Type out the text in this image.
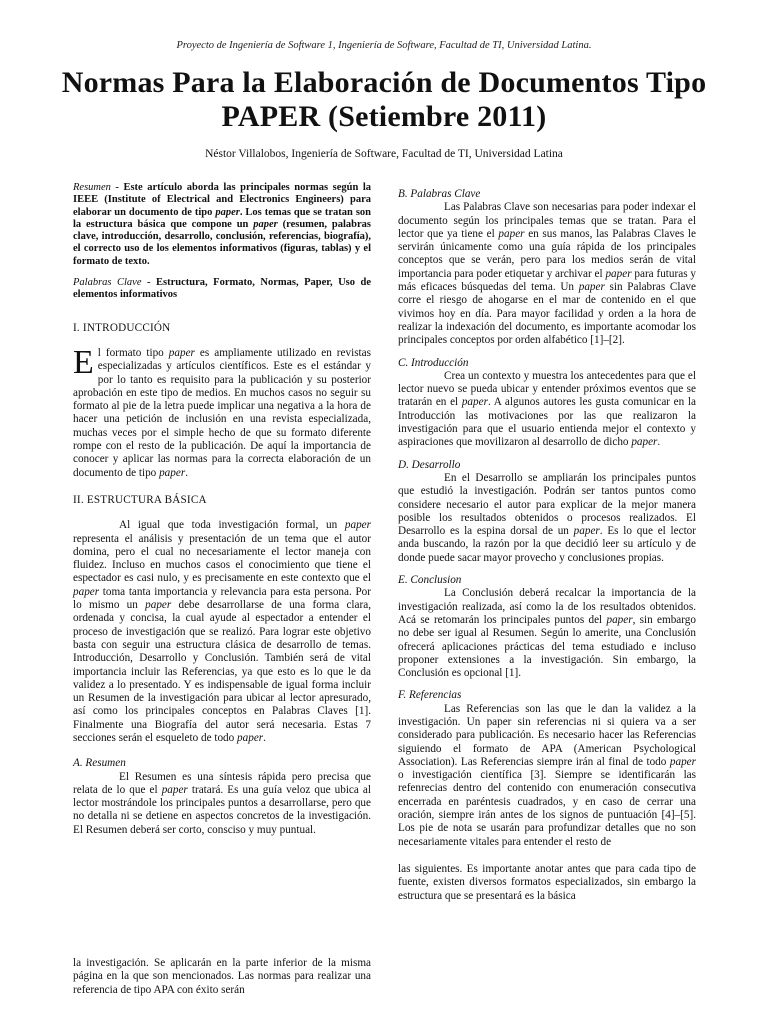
Proyecto de Ingeniería de Software 1, Ingeniería de Software, Facultad de TI, Universidad Latina.
Normas Para la Elaboración de Documentos Tipo PAPER (Setiembre 2011)
Néstor Villalobos, Ingeniería de Software, Facultad de TI, Universidad Latina

Resumen - Este artículo aborda las principales normas según la IEEE (Institute of Electrical and Electronics Engineers) para elaborar un documento de tipo paper. Los temas que se tratan son la estructura básica que compone un paper (resumen, palabras clave, introducción, desarrollo, conclusión, referencias, biografía), el correcto uso de los elementos informativos (figuras, tablas) y el formato de texto.

Palabras Clave - Estructura, Formato, Normas, Paper, Uso de elementos informativos

I. INTRODUCCIÓN

El formato tipo paper es ampliamente utilizado en revistas especializadas y artículos científicos. Este es el estándar y por lo tanto es requisito para la publicación y su posterior aprobación en este tipo de medios. En muchos casos no seguir su formato al pie de la letra puede implicar una negativa a la hora de hacer una petición de inclusión en una revista especializada, muchas veces por el simple hecho de que su formato diferente rompe con el resto de la publicación. De aquí la importancia de conocer y aplicar las normas para la correcta elaboración de un documento de tipo paper.

II. ESTRUCTURA BÁSICA

Al igual que toda investigación formal, un paper representa el análisis y presentación de un tema que el autor domina, pero el cual no necesariamente el lector maneja con fluidez. Incluso en muchos casos el conocimiento que tiene el espectador es casi nulo, y es precisamente en este contexto que el paper toma tanta importancia y relevancia para esta persona. Por lo mismo un paper debe desarrollarse de una forma clara, ordenada y concisa, la cual ayude al espectador a entender el proceso de investigación que se realizó. Para lograr este objetivo basta con seguir una estructura clásica de desarrollo de temas. Introducción, Desarrollo y Conclusión. También será de vital importancia incluir las Referencias, ya que esto es lo que le da validez a lo presentado. Y es indispensable de igual forma incluir un Resumen de la investigación para ubicar al lector apresurado, así como los principales conceptos en Palabras Claves [1]. Finalmente una Biografía del autor será necesaria. Estas 7 secciones serán el esqueleto de todo paper.

A. Resumen

El Resumen es una síntesis rápida pero precisa que relata de lo que el paper tratará. Es una guía veloz que ubica al lector mostrándole los principales puntos a desarrollarse, pero que no detalla ni se detiene en aspectos concretos de la investigación. El Resumen deberá ser corto, consciso y muy puntual.

la investigación. Se aplicarán en la parte inferior de la misma página en la que son mencionados. Las normas para realizar una referencia de tipo APA con éxito serán

B. Palabras Clave

Las Palabras Clave son necesarias para poder indexar el documento según los principales temas que se tratan. Para el lector que ya tiene el paper en sus manos, las Palabras Claves le servirán únicamente como una guía rápida de los principales conceptos que se verán, pero para los medios serán de vital importancia para poder etiquetar y archivar el paper para futuras y más eficaces búsquedas del tema. Un paper sin Palabras Clave corre el riesgo de ahogarse en el mar de contenido en el que vivimos hoy en día. Para mayor facilidad y orden a la hora de realizar la indexación del documento, es importante acomodar los principales conceptos por orden alfabético [1]–[2].

C. Introducción

Crea un contexto y muestra los antecedentes para que el lector nuevo se pueda ubicar y entender próximos eventos que se tratarán en el paper. A algunos autores les gusta comunicar en la Introducción las motivaciones por las que realizaron la investigación para que el usuario entienda mejor el contexto y aspiraciones que movilizaron al desarrollo de dicho paper.

D. Desarrollo

En el Desarrollo se ampliarán los principales puntos que estudió la investigación. Podrán ser tantos puntos como considere necesario el autor para explicar de la mejor manera posible los resultados obtenidos o procesos realizados. El Desarrollo es la espina dorsal de un paper. Es lo que el lector anda buscando, la razón por la que decidió leer su artículo y de donde puede sacar mayor provecho y conclusiones propias.

E. Conclusion

La Conclusión deberá recalcar la importancia de la investigación realizada, así como la de los resultados obtenidos. Acá se retomarán los principales puntos del paper, sin embargo no debe ser igual al Resumen. Según lo amerite, una Conclusión ofrecerá aplicaciones prácticas del tema estudiado e incluso proponer extensiones a la investigación. Sin embargo, la Conclusión es opcional [1].

F. Referencias

Las Referencias son las que le dan la validez a la investigación. Un paper sin referencias ni si quiera va a ser considerado para publicación. Es necesario hacer las Referencias siguiendo el formato de APA (American Psychological Association). Las Referencias siempre irán al final de todo paper o investigación científica [3]. Siempre se identificarán las refenrecias dentro del contenido con enumeración consecutiva encerrada en paréntesis cuadrados, y en caso de cerrar una oración, siempre irán antes de los signos de puntuación [4]–[5]. Los pie de nota se usarán para profundizar detalles que no son necesariamente vitales para entender el resto de

las siguientes. Es importante anotar antes que para cada tipo de fuente, existen diversos formatos especializados, sin embargo la estructura que se presentará es la básica
